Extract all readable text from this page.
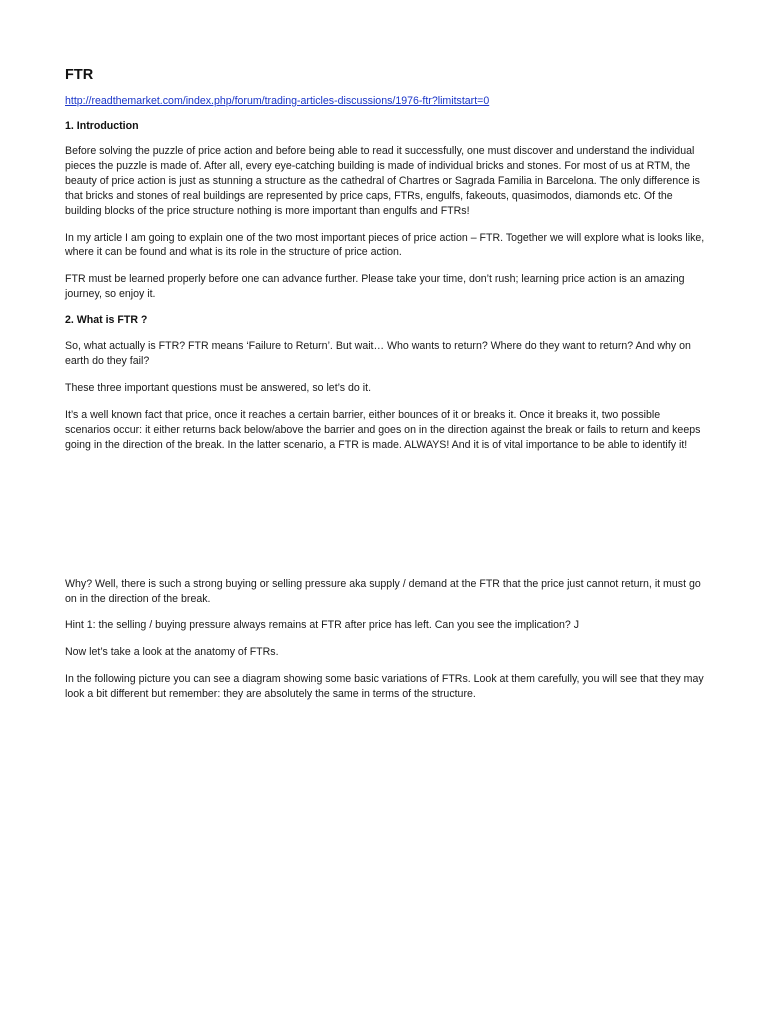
FTR
http://readthemarket.com/index.php/forum/trading-articles-discussions/1976-ftr?limitstart=0
1. Introduction

Before solving the puzzle of price action and before being able to read it successfully, one must discover and understand the individual pieces the puzzle is made of. After all, every eye-catching building is made of individual bricks and stones. For most of us at RTM, the beauty of price action is just as stunning a structure as the cathedral of Chartres or Sagrada Familia in Barcelona. The only difference is that bricks and stones of real buildings are represented by price caps, FTRs, engulfs, fakeouts, quasimodos, diamonds etc. Of the building blocks of the price structure nothing is more important than engulfs and FTRs!

In my article I am going to explain one of the two most important pieces of price action – FTR. Together we will explore what is looks like, where it can be found and what is its role in the structure of price action.

FTR must be learned properly before one can advance further. Please take your time, don’t rush; learning price action is an amazing journey, so enjoy it.

2. What is FTR ?

So, what actually is FTR? FTR means ‘Failure to Return’. But wait… Who wants to return? Where do they want to return? And why on earth do they fail?

These three important questions must be answered, so let’s do it.

It’s a well known fact that price, once it reaches a certain barrier, either bounces of it or breaks it. Once it breaks it, two possible scenarios occur: it either returns back below/above the barrier and goes on in the direction against the break or fails to return and keeps going in the direction of the break. In the latter scenario, a FTR is made. ALWAYS! And it is of vital importance to be able to identify it!

Why? Well, there is such a strong buying or selling pressure aka supply / demand at the FTR that the price just cannot return, it must go on in the direction of the break.

Hint 1: the selling / buying pressure always remains at FTR after price has left. Can you see the implication? J

Now let’s take a look at the anatomy of FTRs.

In the following picture you can see a diagram showing some basic variations of FTRs. Look at them carefully, you will see that they may look a bit different but remember: they are absolutely the same in terms of the structure.
